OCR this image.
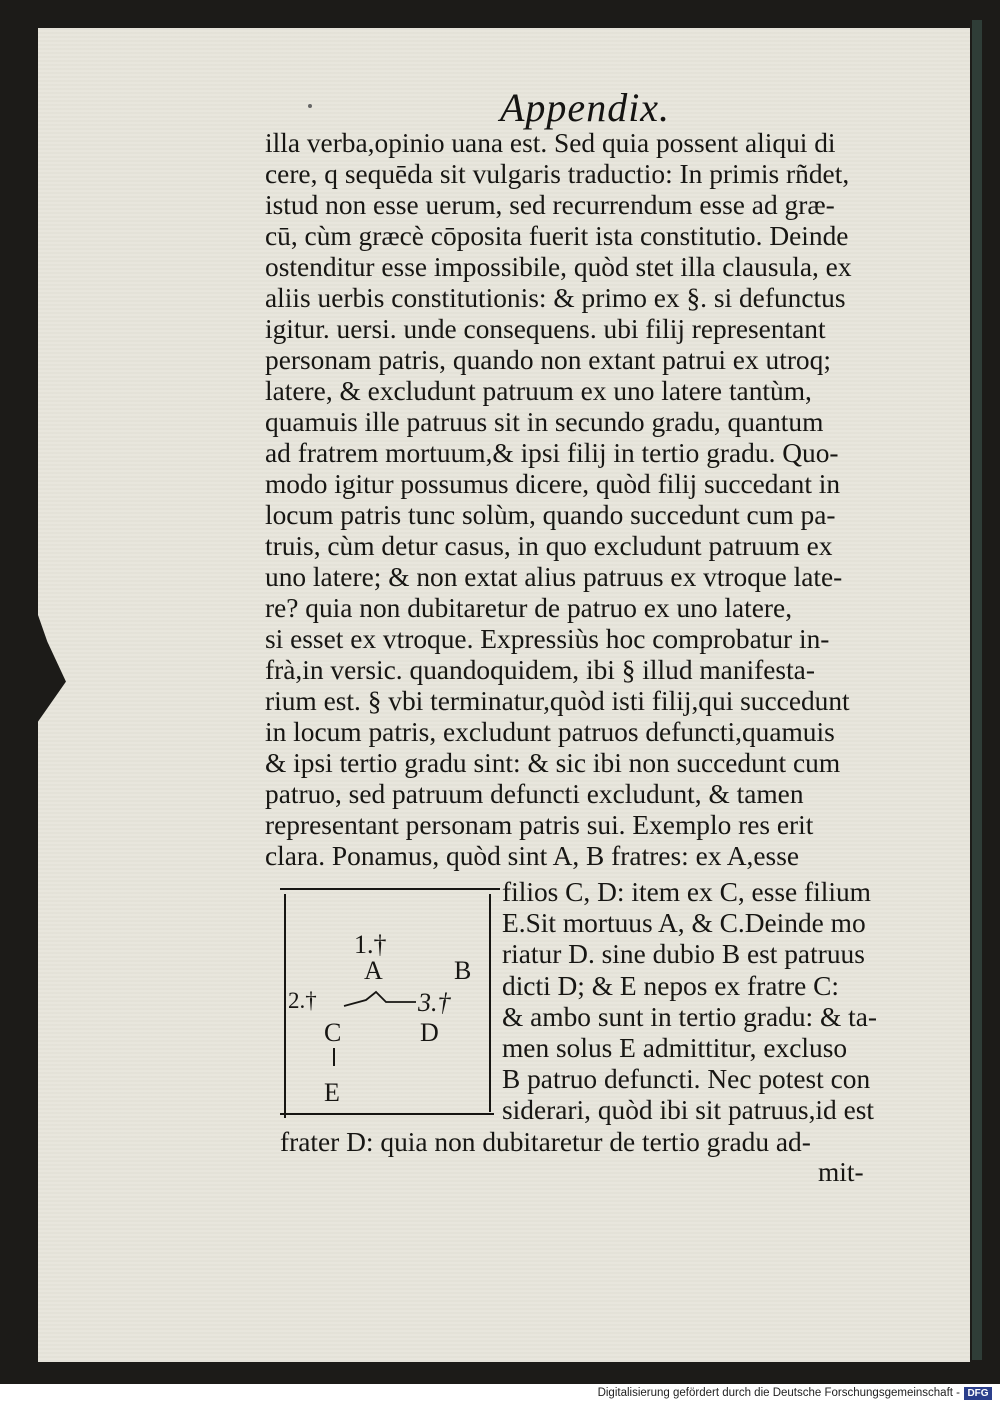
Appendix.

illa verba,opinio uana est. Sed quia possent aliqui di
cere, q sequēda sit vulgaris traductio: In primis rñdet,
istud non esse uerum, sed recurrendum esse ad græ-
cū, cùm græcè cōposita fuerit ista constitutio. Deinde
ostenditur esse impossibile, quòd stet illa clausula, ex
aliis uerbis constitutionis: & primo ex §. si defunctus
igitur. uersi. unde consequens. ubi filij representant
personam patris, quando non extant patrui ex utroq;
latere, & excludunt patruum ex uno latere tantùm,
quamuis ille patruus sit in secundo gradu, quantum
ad fratrem mortuum,& ipsi filij in tertio gradu. Quo-
modo igitur possumus dicere, quòd filij succedant in
locum patris tunc solùm, quando succedunt cum pa-
truis, cùm detur casus, in quo excludunt patruum ex
uno latere; & non extat alius patruus ex vtroque late-
re? quia non dubitaretur de patruo ex uno latere,
si esset ex vtroque. Expressiùs hoc comprobatur in-
frà,in versic. quandoquidem, ibi § illud manifesta-
rium est. § vbi terminatur,quòd isti filij,qui succedunt
in locum patris, excludunt patruos defuncti,quamuis
& ipsi tertio gradu sint: & sic ibi non succedunt cum
patruo, sed patruum defuncti excludunt, & tamen
representant personam patris sui. Exemplo res erit
clara. Ponamus, quòd sint A, B fratres: ex A,esse

1.†

A	B

2.†	3.†

C	D

E

filios C, D: item ex C, esse filium
E.Sit mortuus A, & C.Deinde mo
riatur D. sine dubio B est patruus
dicti D; & E nepos ex fratre C:
& ambo sunt in tertio gradu: & ta-
men solus E admittitur, excluso
B patruo defuncti. Nec potest con
siderari, quòd ibi sit patruus,id est

frater D: quia non dubitaretur de tertio gradu ad-

mit-

Digitalisierung gefördert durch die Deutsche Forschungsgemeinschaft - DFG
